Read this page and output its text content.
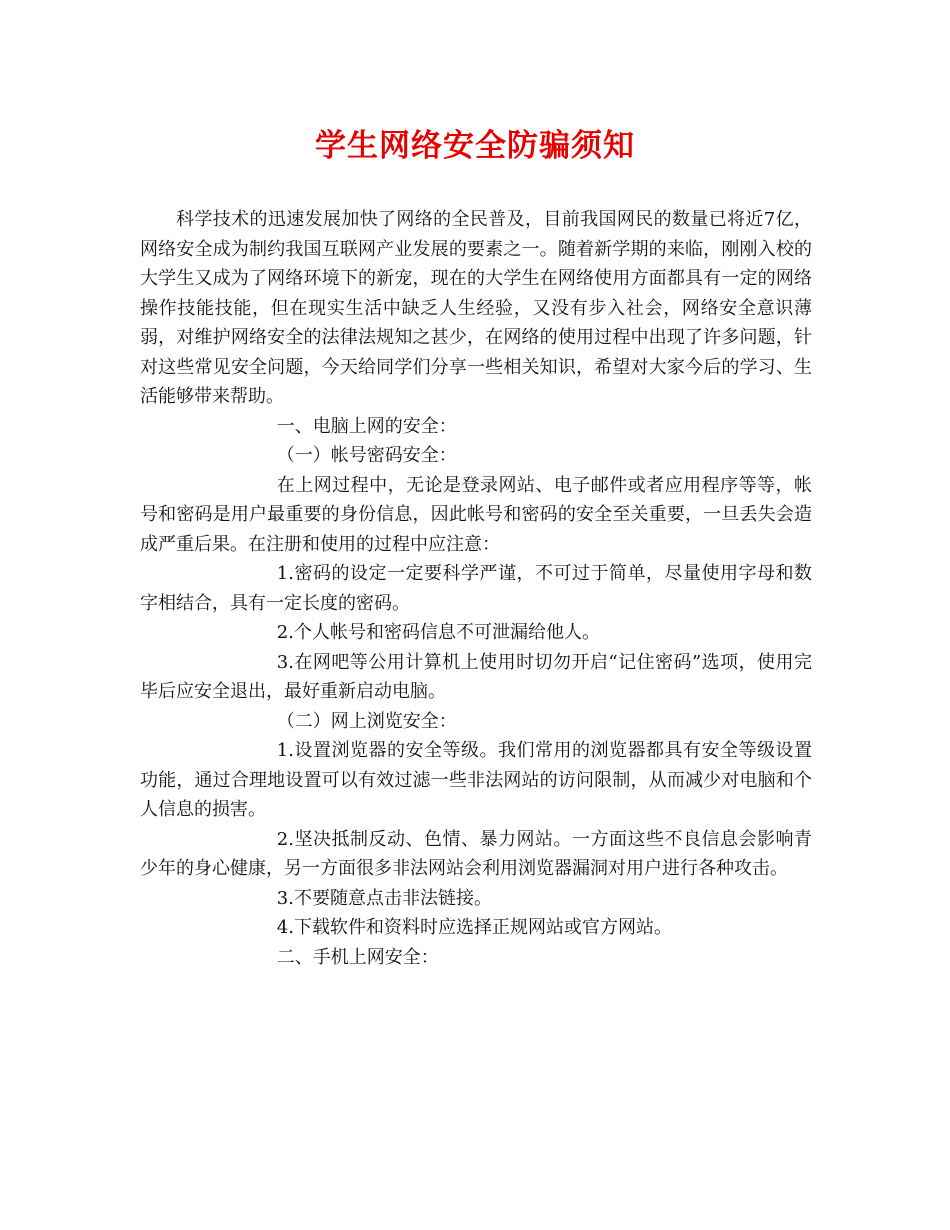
学生网络安全防骗须知

科学技术的迅速发展加快了网络的全民普及，目前我国网民的数量已将近7亿，网络安全成为制约我国互联网产业发展的要素之一。随着新学期的来临，刚刚入校的大学生又成为了网络环境下的新宠，现在的大学生在网络使用方面都具有一定的网络操作技能技能，但在现实生活中缺乏人生经验，又没有步入社会，网络安全意识薄弱，对维护网络安全的法律法规知之甚少，在网络的使用过程中出现了许多问题，针对这些常见安全问题，今天给同学们分享一些相关知识，希望对大家今后的学习、生活能够带来帮助。

一、电脑上网的安全：

（一）帐号密码安全：

在上网过程中，无论是登录网站、电子邮件或者应用程序等等，帐号和密码是用户最重要的身份信息，因此帐号和密码的安全至关重要，一旦丢失会造成严重后果。在注册和使用的过程中应注意：

1.密码的设定一定要科学严谨，不可过于简单，尽量使用字母和数字相结合，具有一定长度的密码。

2.个人帐号和密码信息不可泄漏给他人。

3.在网吧等公用计算机上使用时切勿开启“记住密码”选项，使用完毕后应安全退出，最好重新启动电脑。

（二）网上浏览安全：

1.设置浏览器的安全等级。我们常用的浏览器都具有安全等级设置功能，通过合理地设置可以有效过滤一些非法网站的访问限制，从而减少对电脑和个人信息的损害。

2.坚决抵制反动、色情、暴力网站。一方面这些不良信息会影响青少年的身心健康，另一方面很多非法网站会利用浏览器漏洞对用户进行各种攻击。

3.不要随意点击非法链接。

4.下载软件和资料时应选择正规网站或官方网站。

二、手机上网安全：
